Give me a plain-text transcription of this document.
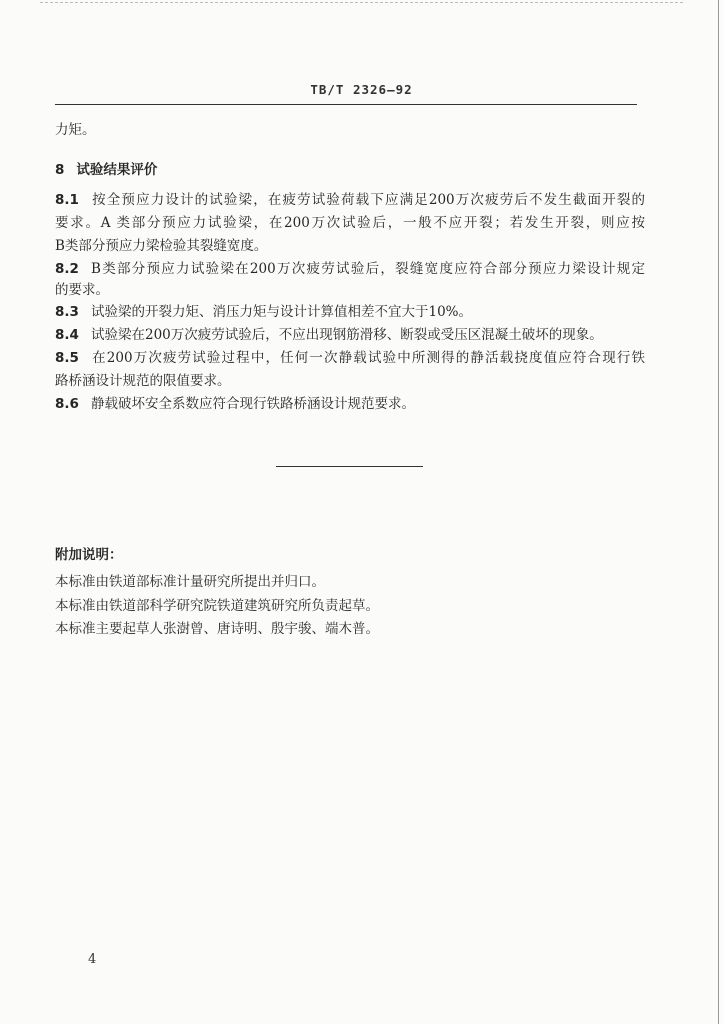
TB/T 2326—92
力矩。
8 试验结果评价
8.1 按全预应力设计的试验梁，在疲劳试验荷载下应满足200万次疲劳后不发生截面开裂的
要求。A 类部分预应力试验梁，在200万次试验后，一般不应开裂；若发生开裂，则应按
B类部分预应力梁检验其裂缝宽度。
8.2 B类部分预应力试验梁在200万次疲劳试验后，裂缝宽度应符合部分预应力梁设计规定
的要求。
8.3 试验梁的开裂力矩、消压力矩与设计计算值相差不宜大于10%。
8.4 试验梁在200万次疲劳试验后，不应出现钢筋滑移、断裂或受压区混凝土破坏的现象。
8.5 在200万次疲劳试验过程中，任何一次静载试验中所测得的静活载挠度值应符合现行铁
路桥涵设计规范的限值要求。
8.6 静载破坏安全系数应符合现行铁路桥涵设计规范要求。
附加说明：
本标准由铁道部标准计量研究所提出并归口。
本标准由铁道部科学研究院铁道建筑研究所负责起草。
本标准主要起草人张澍曾、唐诗明、殷宇骏、端木普。
4
